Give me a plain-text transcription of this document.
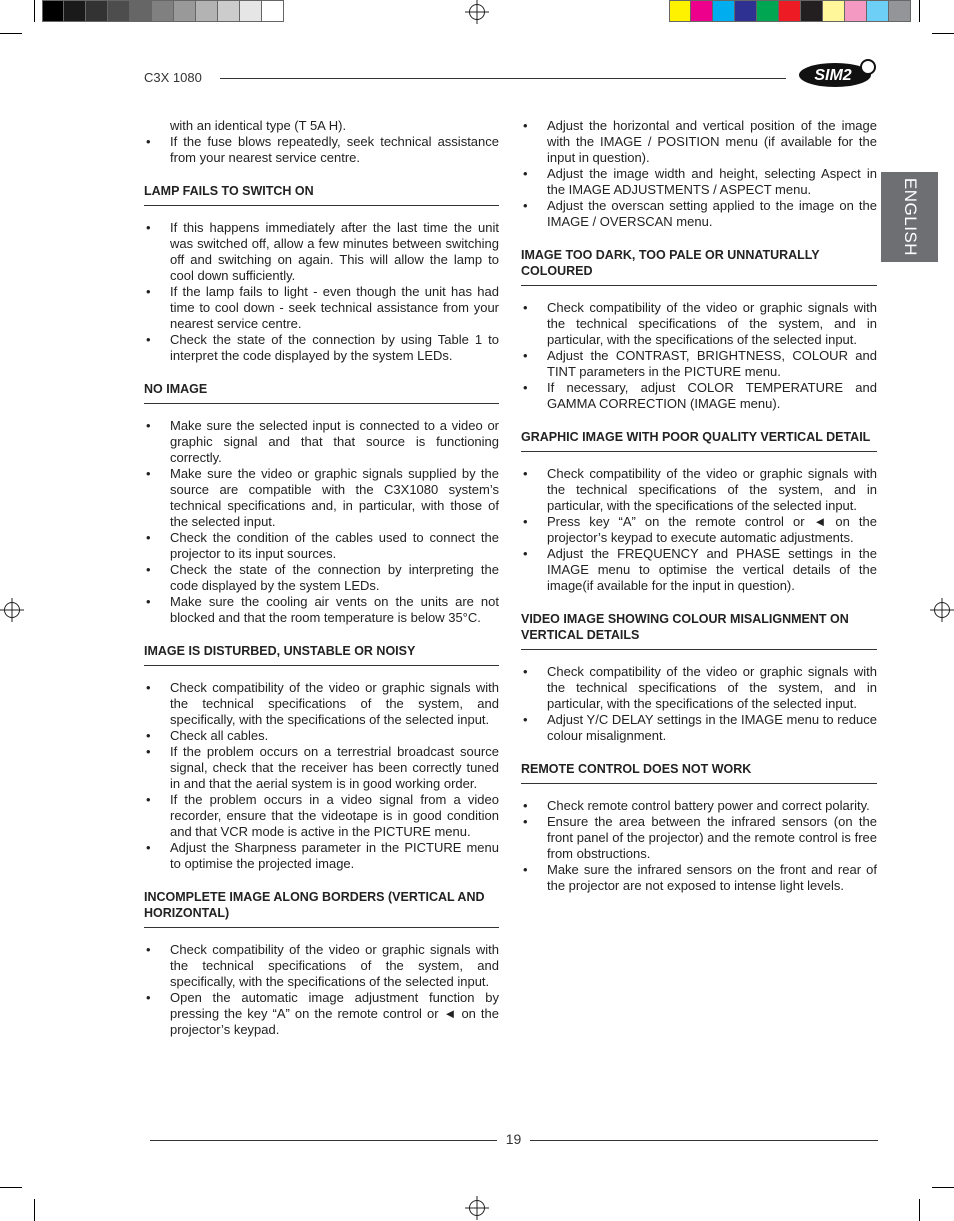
C3X 1080	SIM2
ENGLISH

with an identical type (T 5A H).

• If the fuse blows repeatedly, seek technical assistance from your nearest service centre.
LAMP FAILS TO SWITCH ON
• If this happens immediately after the last time the unit was switched off, allow a few minutes between switching off and switching on again. This will allow the lamp to cool down sufficiently.
• If the lamp fails to light - even though the unit has had time to cool down - seek technical assistance from your nearest service centre.
• Check the state of the connection by using Table 1 to interpret the code displayed by the system LEDs.
NO IMAGE
• Make sure the selected input is connected to a video or graphic signal and that that source is functioning correctly.
• Make sure the video or graphic signals supplied by the source are compatible with the C3X1080 system’s technical specifications and, in particular, with those of the selected input.
• Check the condition of the cables used to connect the projector to its input sources.
• Check the state of the connection by interpreting the code displayed by the system LEDs.
• Make sure the cooling air vents on the units are not blocked and that the room temperature is below 35°C.
IMAGE IS DISTURBED, UNSTABLE OR NOISY
• Check compatibility of the video or graphic signals with the technical specifications of the system, and specifically, with the specifications of the selected input.
• Check all cables.
• If the problem occurs on a terrestrial broadcast source signal, check that the receiver has been correctly tuned in and that the aerial system is in good working order.
• If the problem occurs in a video signal from a video recorder, ensure that the videotape is in good condition and that VCR mode is active in the PICTURE menu.
• Adjust the Sharpness parameter in the PICTURE menu to optimise the projected image.
INCOMPLETE IMAGE ALONG BORDERS (VERTICAL AND HORIZONTAL)
• Check compatibility of the video or graphic signals with the technical specifications of the system, and specifically, with the specifications of the selected input.
• Open the automatic image adjustment function by pressing the key “A” on the remote control or ◄ on the projector’s keypad.
• Adjust the horizontal and vertical position of the image with the IMAGE / POSITION menu (if available for the input in question).
• Adjust the image width and height, selecting Aspect in the IMAGE ADJUSTMENTS / ASPECT menu.
• Adjust the overscan setting applied to the image on the IMAGE / OVERSCAN menu.
IMAGE TOO DARK, TOO PALE OR UNNATURALLY COLOURED
• Check compatibility of the video or graphic signals with the technical specifications of the system, and in particular, with the specifications of the selected input.
• Adjust the CONTRAST, BRIGHTNESS, COLOUR and TINT parameters in the PICTURE menu.
• If necessary, adjust COLOR TEMPERATURE and GAMMA CORRECTION (IMAGE menu).
GRAPHIC IMAGE WITH POOR QUALITY VERTICAL DETAIL
• Check compatibility of the video or graphic signals with the technical specifications of the system, and in particular, with the specifications of the selected input.
• Press key “A” on the remote control or ◄ on the projector’s keypad to execute automatic adjustments.
• Adjust the FREQUENCY and PHASE settings in the IMAGE menu to optimise the vertical details of the image(if available for the input in question).
VIDEO IMAGE SHOWING COLOUR MISALIGNMENT ON VERTICAL DETAILS
• Check compatibility of the video or graphic signals with the technical specifications of the system, and in particular, with the specifications of the selected input.
• Adjust Y/C DELAY settings in the IMAGE menu to reduce colour misalignment.
REMOTE CONTROL DOES NOT WORK
• Check remote control battery power and correct polarity.
• Ensure the area between the infrared sensors (on the front panel of the projector) and the remote control is free from obstructions.
• Make sure the infrared sensors on the front and rear of the projector are not exposed to intense light levels.
19
